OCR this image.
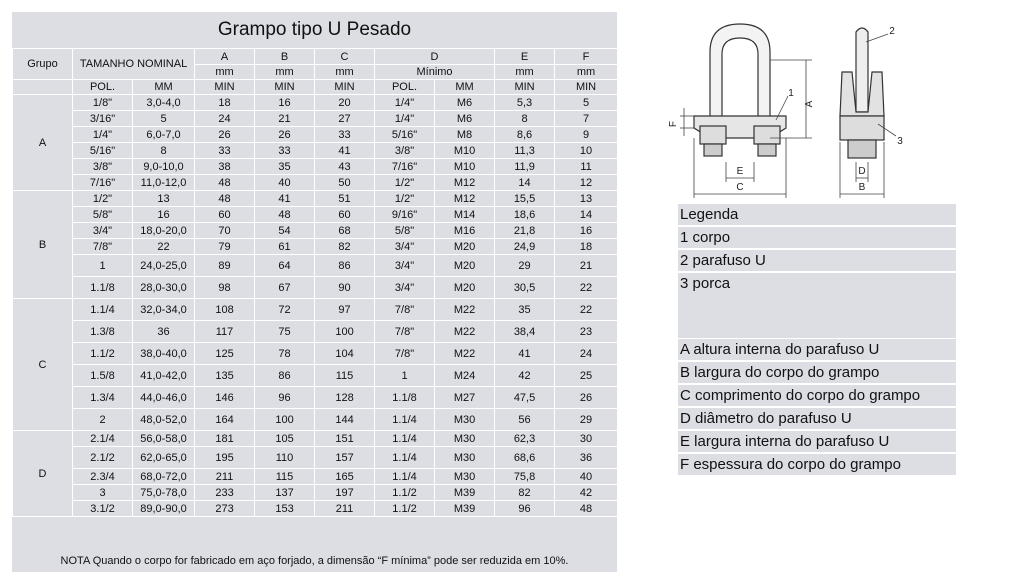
Grampo tipo U Pesado
Grupo	TAMANHO NOMINAL		A	B	C	D		E	F
			mm	mm	mm	Mínimo		mm	mm
	POL.	MM	MIN	MIN	MIN	POL.	MM	MIN	MIN
A	1/8"	3,0-4,0	18	16	20	1/4"	M6	5,3	5
	3/16"	5	24	21	27	1/4"	M6	8	7
	1/4"	6,0-7,0	26	26	33	5/16"	M8	8,6	9
	5/16"	8	33	33	41	3/8"	M10	11,3	10
	3/8"	9,0-10,0	38	35	43	7/16"	M10	11,9	11
	7/16"	11,0-12,0	48	40	50	1/2"	M12	14	12
B	1/2"	13	48	41	51	1/2"	M12	15,5	13
	5/8"	16	60	48	60	9/16"	M14	18,6	14
	3/4"	18,0-20,0	70	54	68	5/8"	M16	21,8	16
	7/8"	22	79	61	82	3/4"	M20	24,9	18
	1	24,0-25,0	89	64	86	3/4"	M20	29	21
	1.1/8	28,0-30,0	98	67	90	3/4"	M20	30,5	22
C	1.1/4	32,0-34,0	108	72	97	7/8"	M22	35	22
	1.3/8	36	117	75	100	7/8"	M22	38,4	23
	1.1/2	38,0-40,0	125	78	104	7/8"	M22	41	24
	1.5/8	41,0-42,0	135	86	115	1	M24	42	25
	1.3/4	44,0-46,0	146	96	128	1.1/8	M27	47,5	26
	2	48,0-52,0	164	100	144	1.1/4	M30	56	29
D	2.1/4	56,0-58,0	181	105	151	1.1/4	M30	62,3	30
	2.1/2	62,0-65,0	195	110	157	1.1/4	M30	68,6	36
	2.3/4	68,0-72,0	211	115	165	1.1/4	M30	75,8	40
	3	75,0-78,0	233	137	197	1.1/2	M39	82	42
	3.1/2	89,0-90,0	273	153	211	1.1/2	M39	96	48
NOTA Quando o corpo for fabricado em aço forjado, a dimensão “F mínima” pode ser reduzida em 10%.
A
F
E
C
D
B
1
2
3
Legenda
1 corpo
2 parafuso U
3 porca
A altura interna do parafuso U
B largura do corpo do grampo
C comprimento do corpo do grampo
D diâmetro do parafuso U
E largura interna do parafuso U
F espessura do corpo do grampo
